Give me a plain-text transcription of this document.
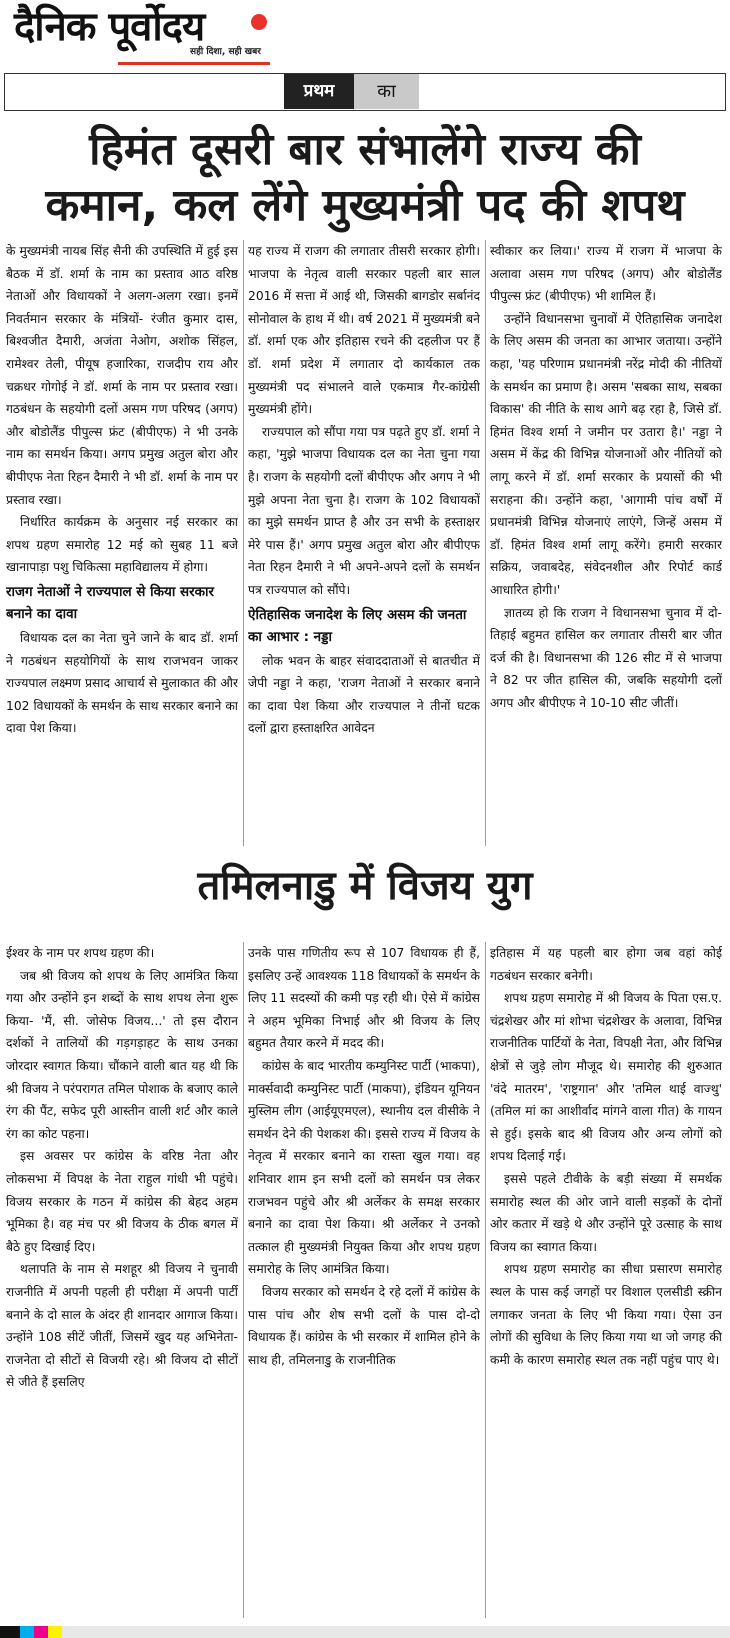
दैनिक पूर्वोदय
सही दिशा, सही खबर
प्रथम	का
हिमंत दूसरी बार संभालेंगे राज्य की
कमान, कल लेंगे मुख्यमंत्री पद की शपथ

के मुख्यमंत्री नायब सिंह सैनी की उपस्थिति में हुई इस बैठक में डॉ. शर्मा के नाम का प्रस्ताव आठ वरिष्ठ नेताओं और विधायकों ने अलग-अलग रखा। इनमें निवर्तमान सरकार के मंत्रियों- रंजीत कुमार दास, बिश्वजीत दैमारी, अजंता नेओग, अशोक सिंहल, रामेश्वर तेली, पीयूष हजारिका, राजदीप राय और चक्रधर गोगोई ने डॉ. शर्मा के नाम पर प्रस्ताव रखा। गठबंधन के सहयोगी दलों असम गण परिषद (अगप) और बोडोलैंड पीपुल्स फ्रंट (बीपीएफ) ने भी उनके नाम का समर्थन किया। अगप प्रमुख अतुल बोरा और बीपीएफ नेता रिहन दैमारी ने भी डॉ. शर्मा के नाम पर प्रस्ताव रखा।

निर्धारित कार्यक्रम के अनुसार नई सरकार का शपथ ग्रहण समारोह 12 मई को सुबह 11 बजे खानापाड़ा पशु चिकित्सा महाविद्यालय में होगा।

राजग नेताओं ने राज्यपाल से किया सरकार बनाने का दावा

विधायक दल का नेता चुने जाने के बाद डॉ. शर्मा ने गठबंधन सहयोगियों के साथ राजभवन जाकर राज्यपाल लक्ष्मण प्रसाद आचार्य से मुलाकात की और 102 विधायकों के समर्थन के साथ सरकार बनाने का दावा पेश किया।

यह राज्य में राजग की लगातार तीसरी सरकार होगी। भाजपा के नेतृत्व वाली सरकार पहली बार साल 2016 में सत्ता में आई थी, जिसकी बागडोर सर्बानंद सोनोवाल के हाथ में थी। वर्ष 2021 में मुख्यमंत्री बने डॉ. शर्मा एक और इतिहास रचने की दहलीज पर हैं डॉ. शर्मा प्रदेश में लगातार दो कार्यकाल तक मुख्यमंत्री पद संभालने वाले एकमात्र गैर-कांग्रेसी मुख्यमंत्री होंगे।

राज्यपाल को सौंपा गया पत्र पढ़ते हुए डॉ. शर्मा ने कहा, 'मुझे भाजपा विधायक दल का नेता चुना गया है। राजग के सहयोगी दलों बीपीएफ और अगप ने भी मुझे अपना नेता चुना है। राजग के 102 विधायकों का मुझे समर्थन प्राप्त है और उन सभी के हस्ताक्षर मेरे पास हैं।' अगप प्रमुख अतुल बोरा और बीपीएफ नेता रिहन दैमारी ने भी अपने-अपने दलों के समर्थन पत्र राज्यपाल को सौंपे।

ऐतिहासिक जनादेश के लिए असम की जनता का आभार : नड्डा

लोक भवन के बाहर संवाददाताओं से बातचीत में जेपी नड्डा ने कहा, 'राजग नेताओं ने सरकार बनाने का दावा पेश किया और राज्यपाल ने तीनों घटक दलों द्वारा हस्ताक्षरित आवेदन

स्वीकार कर लिया।' राज्य में राजग में भाजपा के अलावा असम गण परिषद (अगप) और बोडोलैंड पीपुल्स फ्रंट (बीपीएफ) भी शामिल हैं।

उन्होंने विधानसभा चुनावों में ऐतिहासिक जनादेश के लिए असम की जनता का आभार जताया। उन्होंने कहा, 'यह परिणाम प्रधानमंत्री नरेंद्र मोदी की नीतियों के समर्थन का प्रमाण है। असम 'सबका साथ, सबका विकास' की नीति के साथ आगे बढ़ रहा है, जिसे डॉ. हिमंत विश्व शर्मा ने जमीन पर उतारा है।' नड्डा ने असम में केंद्र की विभिन्न योजनाओं और नीतियों को लागू करने में डॉ. शर्मा सरकार के प्रयासों की भी सराहना की। उन्होंने कहा, 'आगामी पांच वर्षों में प्रधानमंत्री विभिन्न योजनाएं लाएंगे, जिन्हें असम में डॉ. हिमंत विश्व शर्मा लागू करेंगे। हमारी सरकार सक्रिय, जवाबदेह, संवेदनशील और रिपोर्ट कार्ड आधारित होगी।'

ज्ञातव्य हो कि राजग ने विधानसभा चुनाव में दो-तिहाई बहुमत हासिल कर लगातार तीसरी बार जीत दर्ज की है। विधानसभा की 126 सीट में से भाजपा ने 82 पर जीत हासिल की, जबकि सहयोगी दलों अगप और बीपीएफ ने 10-10 सीट जीतीं।

तमिलनाडु में विजय युग

ईश्वर के नाम पर शपथ ग्रहण की।

जब श्री विजय को शपथ के लिए आमंत्रित किया गया और उन्होंने इन शब्दों के साथ शपथ लेना शुरू किया- 'मैं, सी. जोसेफ विजय...' तो इस दौरान दर्शकों ने तालियों की गड़गड़ाहट के साथ उनका जोरदार स्वागत किया। चौंकाने वाली बात यह थी कि श्री विजय ने परंपरागत तमिल पोशाक के बजाए काले रंग की पैंट, सफेद पूरी आस्तीन वाली शर्ट और काले रंग का कोट पहना।

इस अवसर पर कांग्रेस के वरिष्ठ नेता और लोकसभा में विपक्ष के नेता राहुल गांधी भी पहुंचे। विजय सरकार के गठन में कांग्रेस की बेहद अहम भूमिका है। वह मंच पर श्री विजय के ठीक बगल में बैठे हुए दिखाई दिए।

थलापति के नाम से मशहूर श्री विजय ने चुनावी राजनीति में अपनी पहली ही परीक्षा में अपनी पार्टी बनाने के दो साल के अंदर ही शानदार आगाज किया। उन्होंने 108 सीटें जीतीं, जिसमें खुद यह अभिनेता-राजनेता दो सीटों से विजयी रहे। श्री विजय दो सीटों से जीते हैं इसलिए

उनके पास गणितीय रूप से 107 विधायक ही हैं, इसलिए उन्हें आवश्यक 118 विधायकों के समर्थन के लिए 11 सदस्यों की कमी पड़ रही थी। ऐसे में कांग्रेस ने अहम भूमिका निभाई और श्री विजय के लिए बहुमत तैयार करने में मदद की।

कांग्रेस के बाद भारतीय कम्युनिस्ट पार्टी (भाकपा), मार्क्सवादी कम्युनिस्ट पार्टी (माकपा), इंडियन यूनियन मुस्लिम लीग (आईयूएमएल), स्थानीय दल वीसीके ने समर्थन देने की पेशकश की। इससे राज्य में विजय के नेतृत्व में सरकार बनाने का रास्ता खुल गया। वह शनिवार शाम इन सभी दलों को समर्थन पत्र लेकर राजभवन पहुंचे और श्री अर्लेकर के समक्ष सरकार बनाने का दावा पेश किया। श्री अर्लेकर ने उनको तत्काल ही मुख्यमंत्री नियुक्त किया और शपथ ग्रहण समारोह के लिए आमंत्रित किया।

विजय सरकार को समर्थन दे रहे दलों में कांग्रेस के पास पांच और शेष सभी दलों के पास दो-दो विधायक हैं। कांग्रेस के भी सरकार में शामिल होने के साथ ही, तमिलनाडु के राजनीतिक

इतिहास में यह पहली बार होगा जब वहां कोई गठबंधन सरकार बनेगी।

शपथ ग्रहण समारोह में श्री विजय के पिता एस.ए. चंद्रशेखर और मां शोभा चंद्रशेखर के अलावा, विभिन्न राजनीतिक पार्टियों के नेता, विपक्षी नेता, और विभिन्न क्षेत्रों से जुड़े लोग मौजूद थे। समारोह की शुरुआत 'वंदे मातरम', 'राष्ट्रगान' और 'तमिल थाई वाज्थु' (तमिल मां का आशीर्वाद मांगने वाला गीत) के गायन से हुई। इसके बाद श्री विजय और अन्य लोगों को शपथ दिलाई गई।

इससे पहले टीवीके के बड़ी संख्या में समर्थक समारोह स्थल की ओर जाने वाली सड़कों के दोनों ओर कतार में खड़े थे और उन्होंने पूरे उत्साह के साथ विजय का स्वागत किया।

शपथ ग्रहण समारोह का सीधा प्रसारण समारोह स्थल के पास कई जगहों पर विशाल एलसीडी स्क्रीन लगाकर जनता के लिए भी किया गया। ऐसा उन लोगों की सुविधा के लिए किया गया था जो जगह की कमी के कारण समारोह स्थल तक नहीं पहुंच पाए थे।
